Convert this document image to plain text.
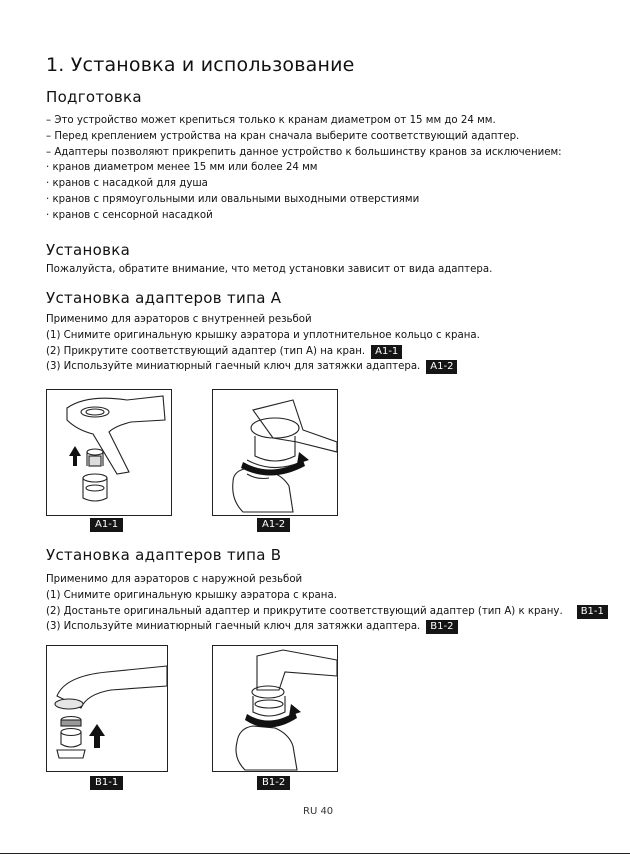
1. Установка и использование
Подготовка

– Это устройство может крепиться только к кранам диаметром от 15 мм до 24 мм.

– Перед креплением устройства на кран сначала выберите соответствующий адаптер.

– Адаптеры позволяют прикрепить данное устройство к большинству кранов за исключением:

· кранов диаметром менее 15 мм или более 24 мм

· кранов с насадкой для душа

· кранов с прямоугольными или овальными выходными отверстиями

· кранов с сенсорной насадкой

Установка
Пожалуйста, обратите внимание, что метод установки зависит от вида адаптера.
Установка адаптеров типа А

Применимо для аэраторов с внутренней резьбой

(1) Снимите оригинальную крышку аэратора и уплотнительное кольцо с крана.

(2) Прикрутите соответствующий адаптер (тип А) на кран. A1-1

(3) Используйте миниатюрный гаечный ключ для затяжки адаптера. A1-2

A1-1	A1-2
Установка адаптеров типа В

Применимо для аэраторов с наружной резьбой

(1) Снимите оригинальную крышку аэратора с крана.

(2) Достаньте оригинальный адаптер и прикрутите соответствующий адаптер (тип А) к крану. B1-1

(3) Используйте миниатюрный гаечный ключ для затяжки адаптера. B1-2

B1-1	B1-2
RU 40
